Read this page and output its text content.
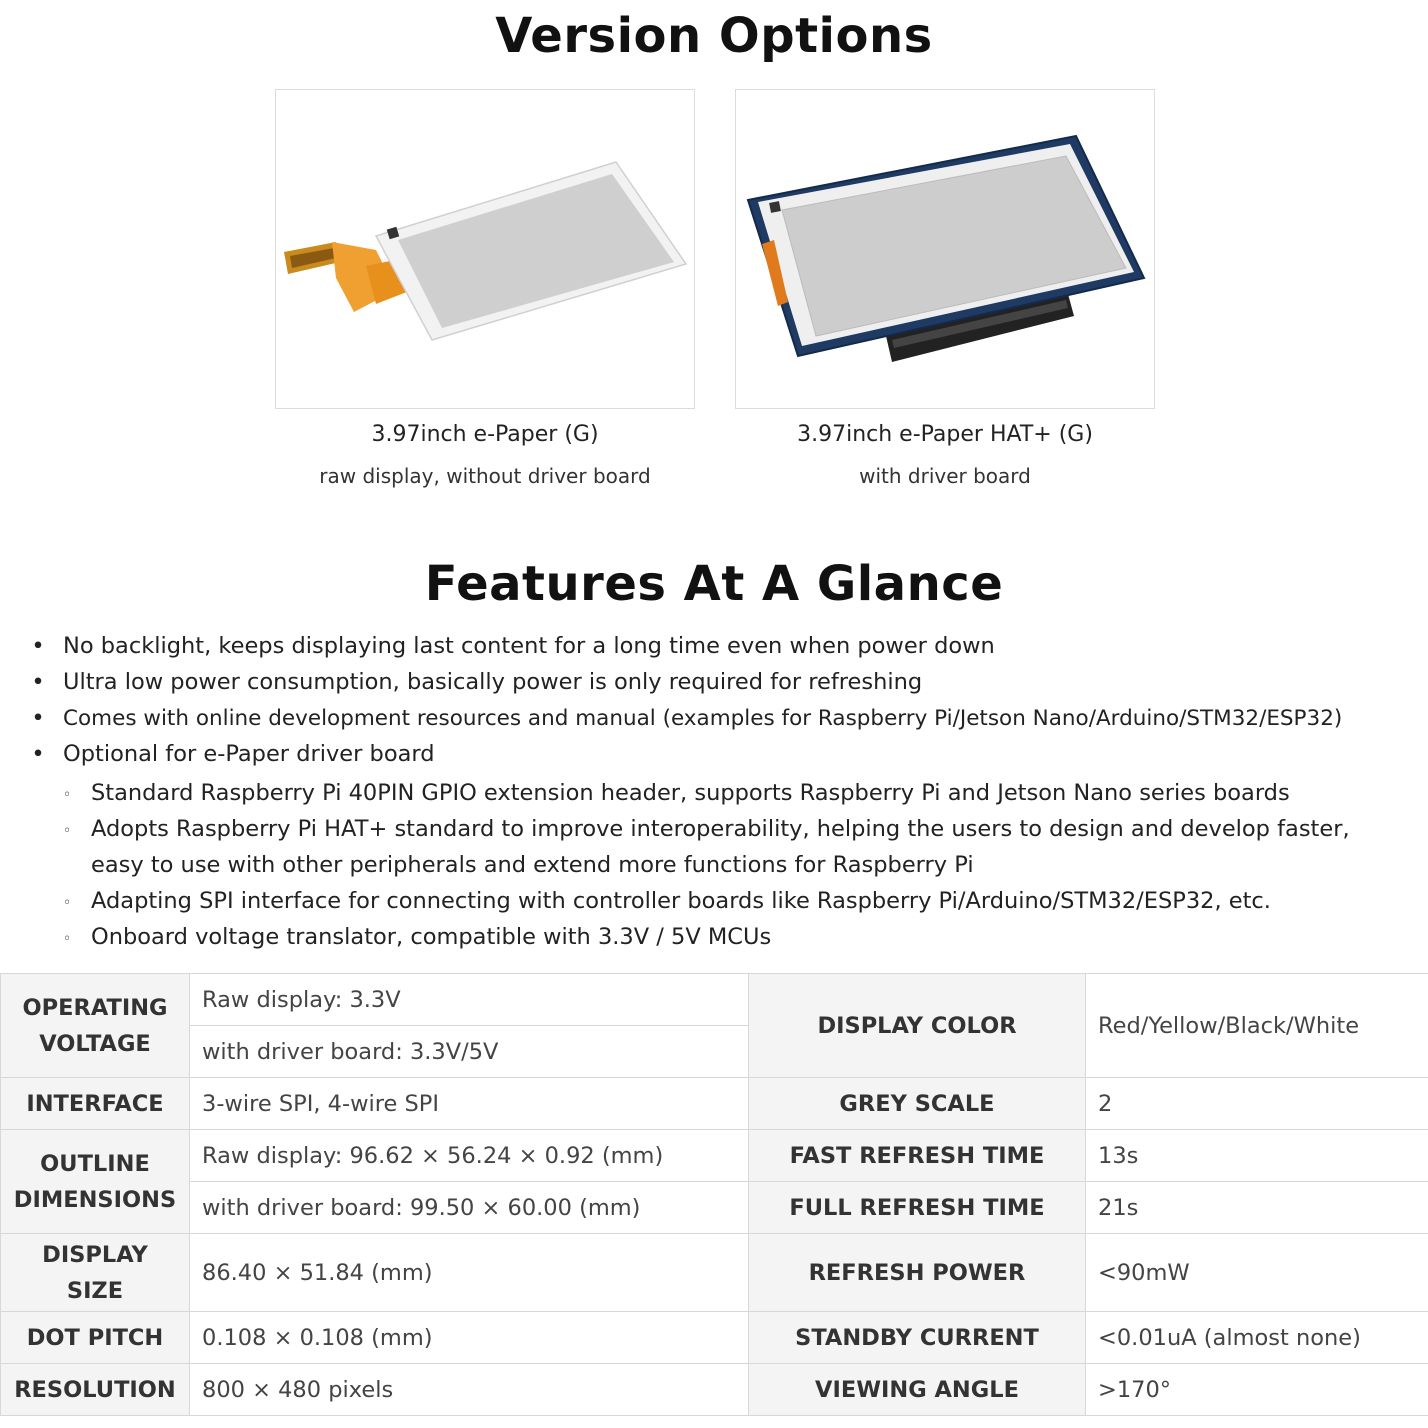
Version Options
3.97inch e-Paper (G)
raw display, without driver board
3.97inch e-Paper HAT+ (G)
with driver board
Features At A Glance
• No backlight, keeps displaying last content for a long time even when power down
• Ultra low power consumption, basically power is only required for refreshing
• Comes with online development resources and manual (examples for Raspberry Pi/Jetson Nano/Arduino/STM32/ESP32)
• Optional for e-Paper driver board
◦ Standard Raspberry Pi 40PIN GPIO extension header, supports Raspberry Pi and Jetson Nano series boards
◦ Adopts Raspberry Pi HAT+ standard to improve interoperability, helping the users to design and develop faster, easy to use with other peripherals and extend more functions for Raspberry Pi
◦ Adapting SPI interface for connecting with controller boards like Raspberry Pi/Arduino/STM32/ESP32, etc.
◦ Onboard voltage translator, compatible with 3.3V / 5V MCUs
OPERATING VOLTAGE	Raw display: 3.3V	DISPLAY COLOR	Red/Yellow/Black/White
	with driver board: 3.3V/5V		
INTERFACE	3-wire SPI, 4-wire SPI	GREY SCALE	2
OUTLINE DIMENSIONS	Raw display: 96.62 × 56.24 × 0.92 (mm)	FAST REFRESH TIME	13s
	with driver board: 99.50 × 60.00 (mm)	FULL REFRESH TIME	21s
DISPLAY SIZE	86.40 × 51.84 (mm)	REFRESH POWER	<90mW
DOT PITCH	0.108 × 0.108 (mm)	STANDBY CURRENT	<0.01uA (almost none)
RESOLUTION	800 × 480 pixels	VIEWING ANGLE	>170°
